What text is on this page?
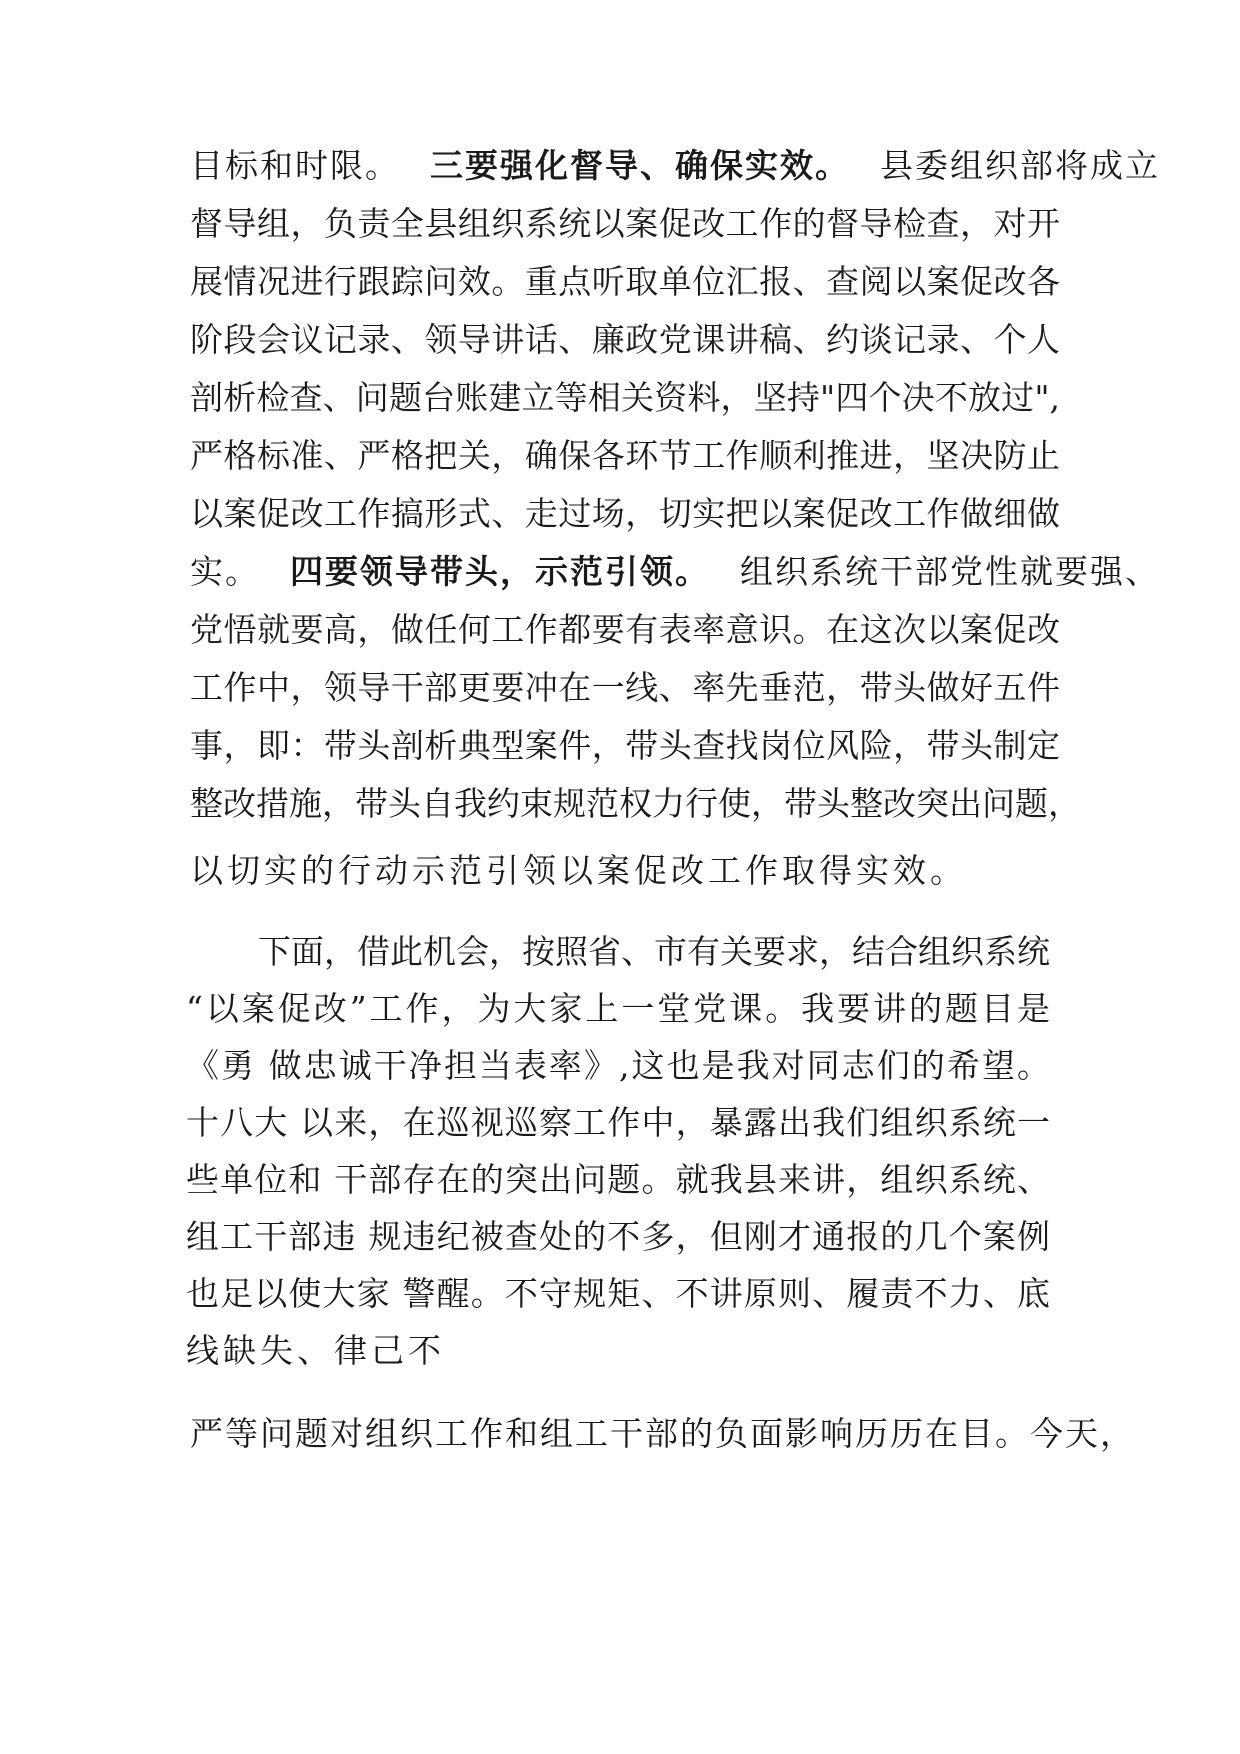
目标和时限。 三要强化督导、确保实效。 县委组织部将成立
督导组，负责全县组织系统以案促改工作的督导检查，对开
展情况进行跟踪问效。重点听取单位汇报、查阅以案促改各
阶段会议记录、领导讲话、廉政党课讲稿、约谈记录、个人
剖析检查、问题台账建立等相关资料，坚持"四个决不放过",
严格标准、严格把关，确保各环节工作顺利推进，坚决防止
以案促改工作搞形式、走过场，切实把以案促改工作做细做
实。 四要领导带头，示范引领。 组织系统干部党性就要强、
党悟就要高，做任何工作都要有表率意识。在这次以案促改
工作中，领导干部更要冲在一线、率先垂范，带头做好五件
事，即：带头剖析典型案件，带头查找岗位风险，带头制定
整改措施，带头自我约束规范权力行使，带头整改突出问题，
以切实的行动示范引领以案促改工作取得实效。
下面，借此机会，按照省、市有关要求，结合组织系统
“以案促改”工作，为大家上一堂党课。我要讲的题目是
《勇 做忠诚干净担当表率》,这也是我对同志们的希望。
十八大 以来，在巡视巡察工作中，暴露出我们组织系统一
些单位和 干部存在的突出问题。就我县来讲，组织系统、
组工干部违 规违纪被查处的不多，但刚才通报的几个案例
也足以使大家 警醒。不守规矩、不讲原则、履责不力、底
线缺失、律己不
严等问题对组织工作和组工干部的负面影响历历在目。今天，
